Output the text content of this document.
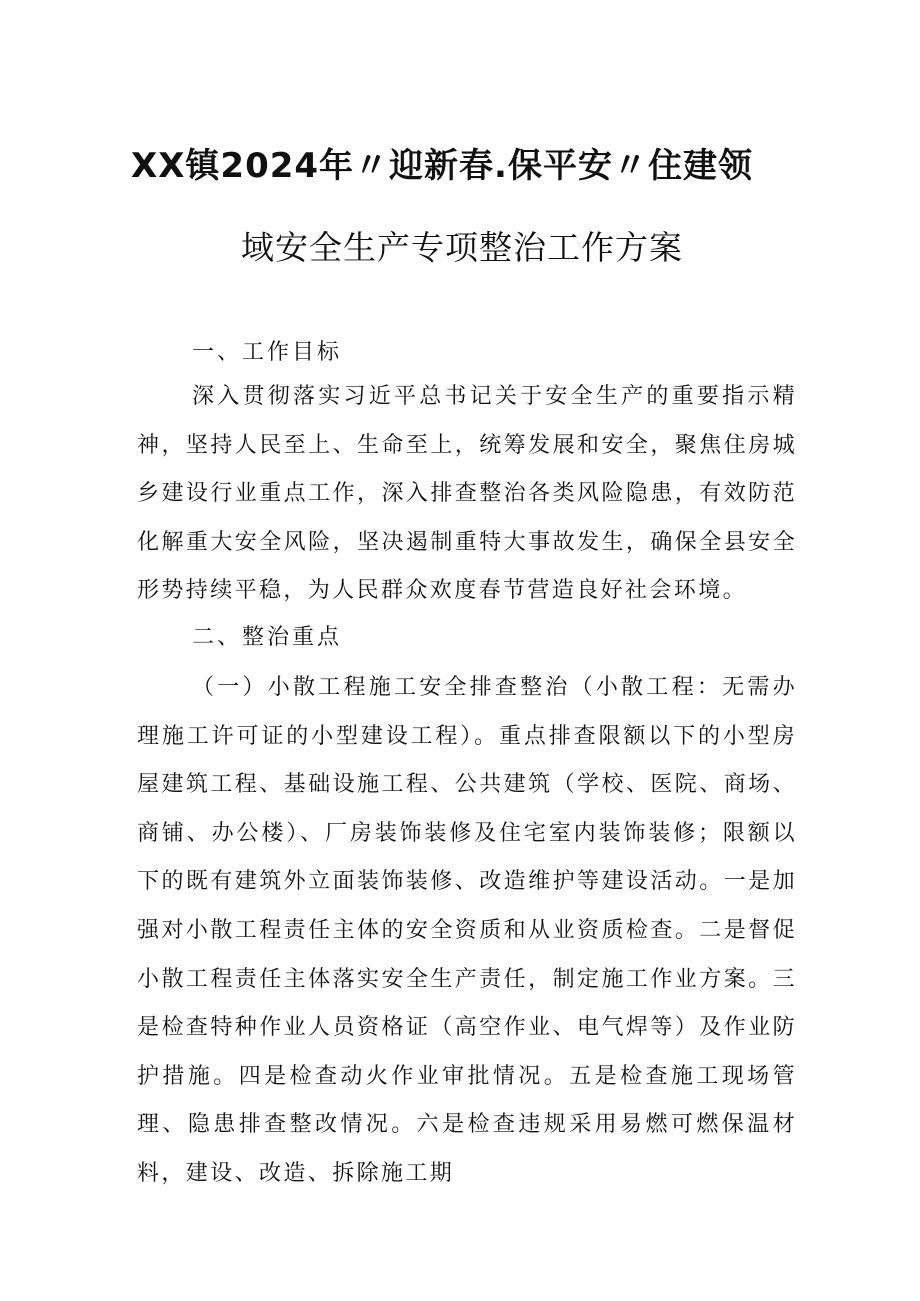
XX镇2024年〃迎新春.保平安〃住建领
域安全生产专项整治工作方案
一、工作目标
深入贯彻落实习近平总书记关于安全生产的重要指示精神，坚持人民至上、生命至上，统筹发展和安全，聚焦住房城乡建设行业重点工作，深入排查整治各类风险隐患，有效防范化解重大安全风险，坚决遏制重特大事故发生，确保全县安全形势持续平稳，为人民群众欢度春节营造良好社会环境。
二、整治重点
（一）小散工程施工安全排查整治（小散工程：无需办理施工许可证的小型建设工程）。重点排查限额以下的小型房屋建筑工程、基础设施工程、公共建筑（学校、医院、商场、商铺、办公楼）、厂房装饰装修及住宅室内装饰装修；限额以下的既有建筑外立面装饰装修、改造维护等建设活动。一是加强对小散工程责任主体的安全资质和从业资质检查。二是督促小散工程责任主体落实安全生产责任，制定施工作业方案。三是检查特种作业人员资格证（高空作业、电气焊等）及作业防护措施。四是检查动火作业审批情况。五是检查施工现场管理、隐患排查整改情况。六是检查违规采用易燃可燃保温材料，建设、改造、拆除施工期
